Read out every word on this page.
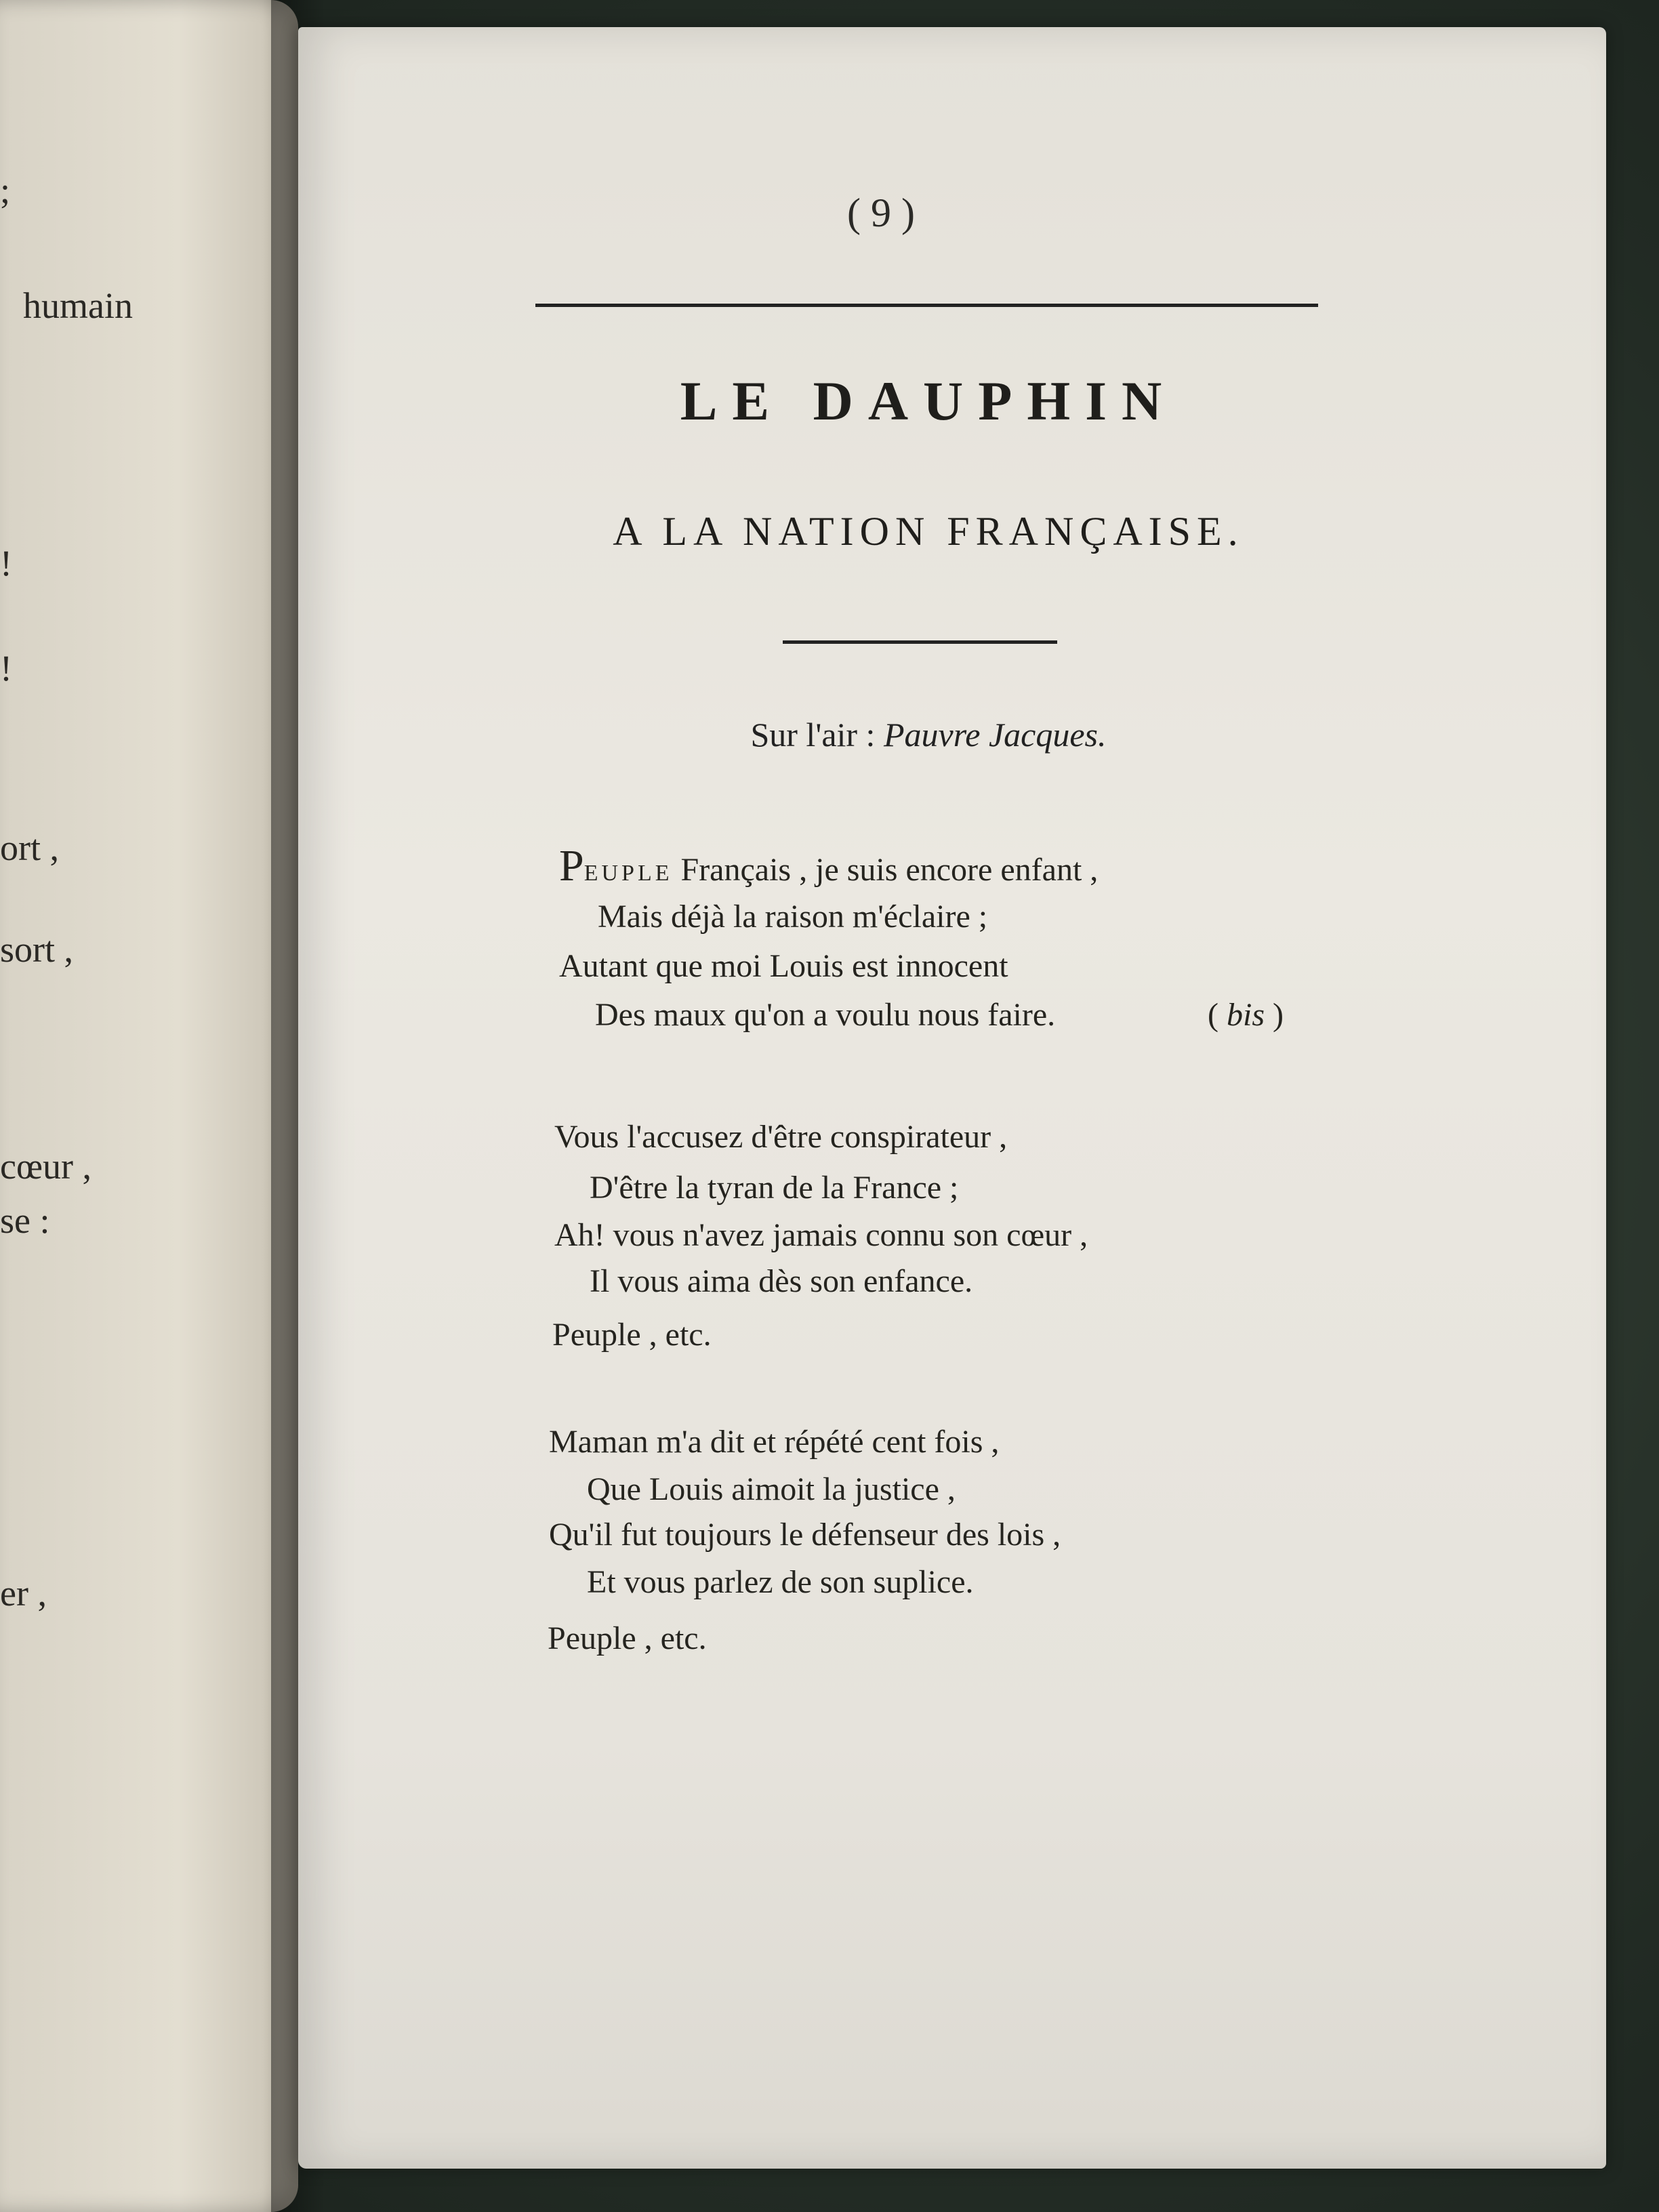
;
humain
!
!
ort ,
sort ,
cœur ,
se :
er ,
( 9 )
LE DAUPHIN
A LA NATION FRANÇAISE.
Sur l'air : Pauvre Jacques.
PEUPLE Français , je suis encore enfant ,
Mais déjà la raison m'éclaire ;
Autant que moi Louis est innocent
Des maux qu'on a voulu nous faire.	( bis )
Vous l'accusez d'être conspirateur ,
D'être la tyran de la France ;
Ah! vous n'avez jamais connu son cœur ,
Il vous aima dès son enfance.
Peuple , etc.
Maman m'a dit et répété cent fois ,
Que Louis aimoit la justice ,
Qu'il fut toujours le défenseur des lois ,
Et vous parlez de son suplice.
Peuple , etc.
